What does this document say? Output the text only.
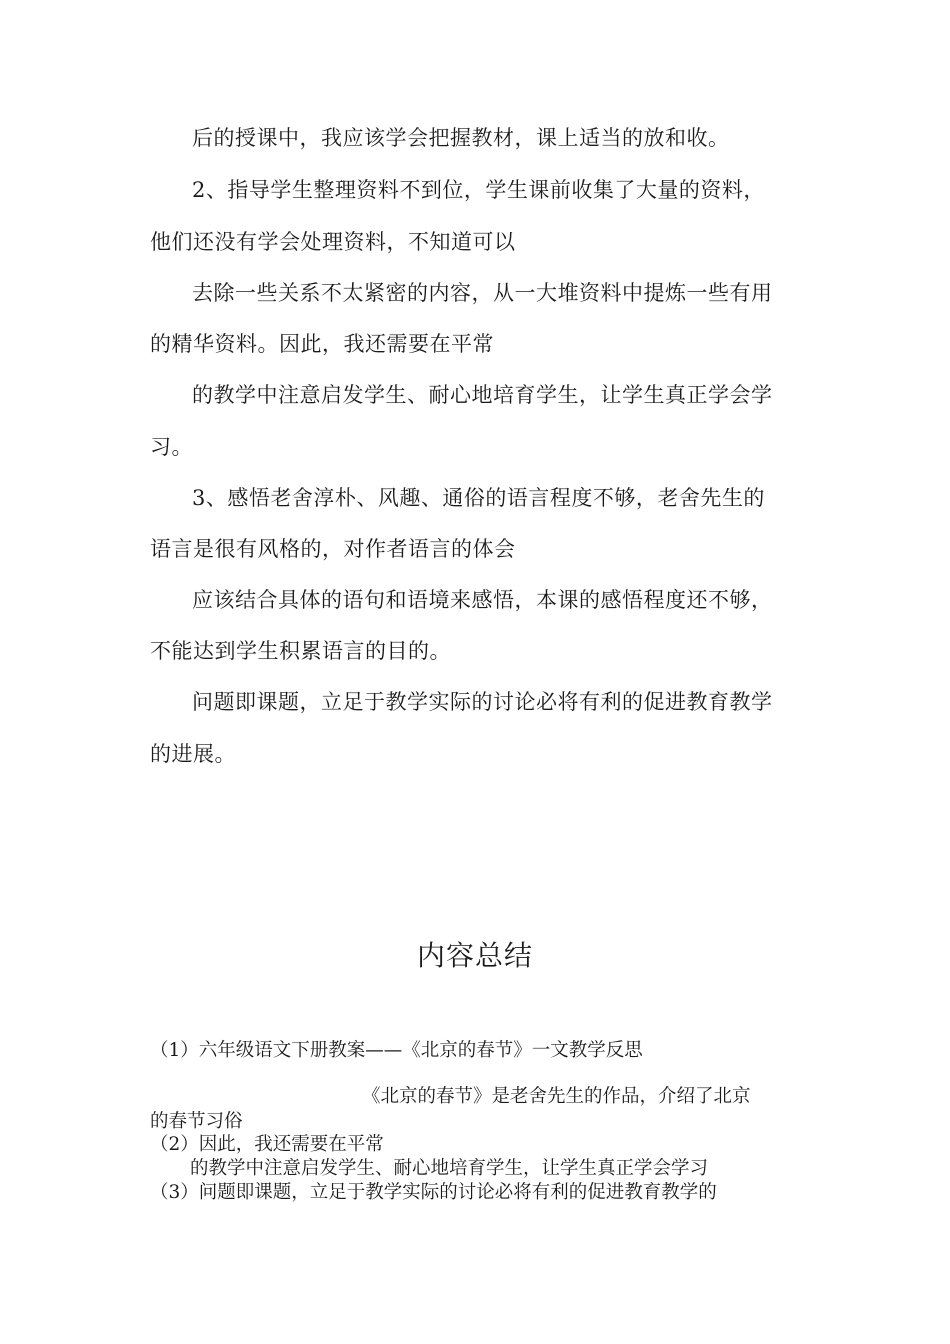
后的授课中，我应该学会把握教材，课上适当的放和收。
2、指导学生整理资料不到位，学生课前收集了大量的资料，
他们还没有学会处理资料，不知道可以
去除一些关系不太紧密的内容，从一大堆资料中提炼一些有用
的精华资料。因此，我还需要在平常
的教学中注意启发学生、耐心地培育学生，让学生真正学会学
习。
3、感悟老舍淳朴、风趣、通俗的语言程度不够，老舍先生的
语言是很有风格的，对作者语言的体会
应该结合具体的语句和语境来感悟，本课的感悟程度还不够，
不能达到学生积累语言的目的。
问题即课题，立足于教学实际的讨论必将有利的促进教育教学
的进展。
内容总结
（1）六年级语文下册教案——《北京的春节》一文教学反思
《北京的春节》是老舍先生的作品，介绍了北京
的春节习俗
（2）因此，我还需要在平常
的教学中注意启发学生、耐心地培育学生，让学生真正学会学习
（3）问题即课题，立足于教学实际的讨论必将有利的促进教育教学的
